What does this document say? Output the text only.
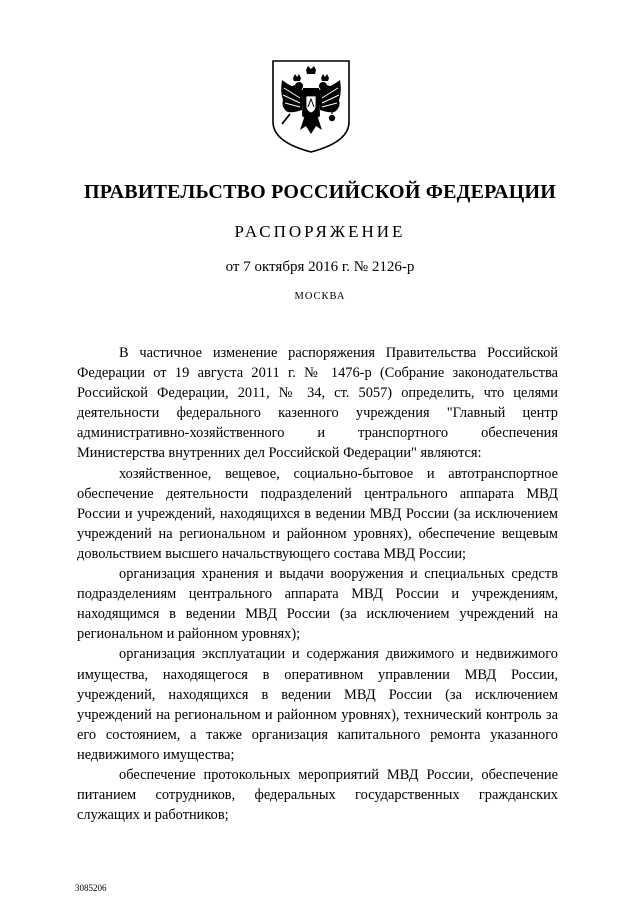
ПРАВИТЕЛЬСТВО РОССИЙСКОЙ ФЕДЕРАЦИИ
РАСПОРЯЖЕНИЕ
от 7 октября 2016 г. № 2126-р
МОСКВА

В частичное изменение распоряжения Правительства Российской Федерации от 19 августа 2011 г. № 1476-р (Собрание законодательства Российской Федерации, 2011, № 34, ст. 5057) определить, что целями деятельности федерального казенного учреждения "Главный центр административно-хозяйственного и транспортного обеспечения Министерства внутренних дел Российской Федерации" являются:

хозяйственное, вещевое, социально-бытовое и автотранспортное обеспечение деятельности подразделений центрального аппарата МВД России и учреждений, находящихся в ведении МВД России (за исключением учреждений на региональном и районном уровнях), обеспечение вещевым довольствием высшего начальствующего состава МВД России;

организация хранения и выдачи вооружения и специальных средств подразделениям центрального аппарата МВД России и учреждениям, находящимся в ведении МВД России (за исключением учреждений на региональном и районном уровнях);

организация эксплуатации и содержания движимого и недвижимого имущества, находящегося в оперативном управлении МВД России, учреждений, находящихся в ведении МВД России (за исключением учреждений на региональном и районном уровнях), технический контроль за его состоянием, а также организация капитального ремонта указанного недвижимого имущества;

обеспечение протокольных мероприятий МВД России, обеспечение питанием сотрудников, федеральных государственных гражданских служащих и работников;

3085206
